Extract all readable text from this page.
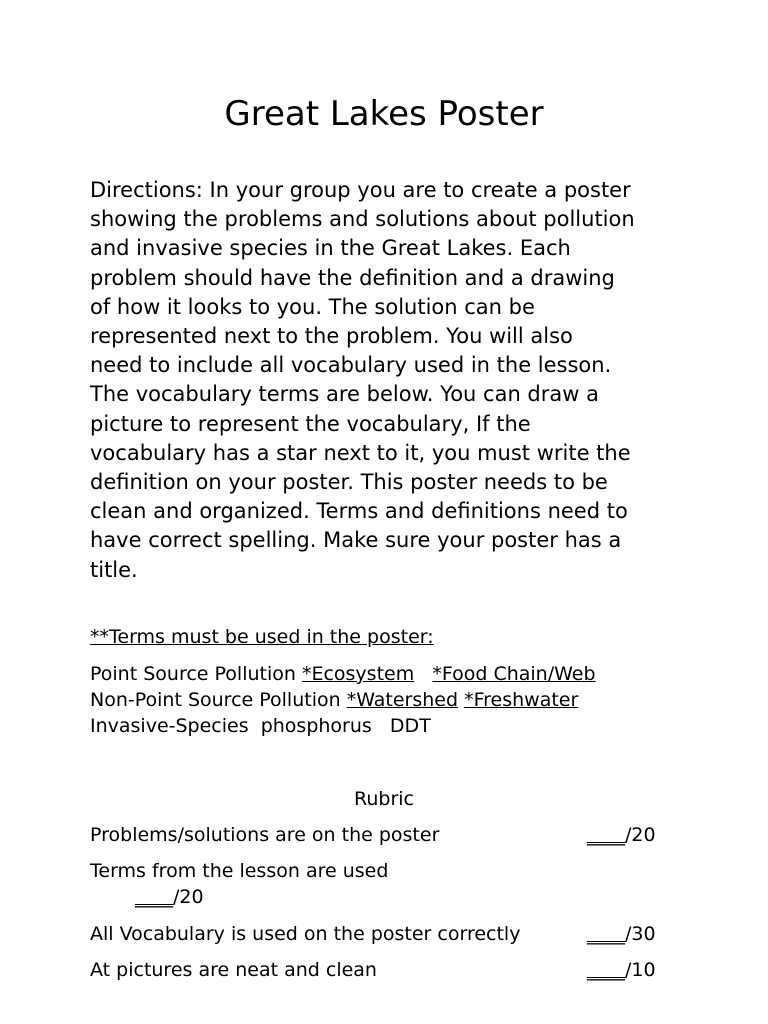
Great Lakes Poster

Directions: In your group you are to create a poster
showing the problems and solutions about pollution
and invasive species in the Great Lakes. Each
problem should have the definition and a drawing
of how it looks to you. The solution can be
represented next to the problem. You will also
need to include all vocabulary used in the lesson.
The vocabulary terms are below. You can draw a
picture to represent the vocabulary, If the
vocabulary has a star next to it, you must write the
definition on your poster. This poster needs to be
clean and organized. Terms and definitions need to
have correct spelling. Make sure your poster has a
title.

**Terms must be used in the poster:

Point Source Pollution *Ecosystem *Food Chain/Web
Non-Point Source Pollution *Watershed *Freshwater
Invasive-Species  phosphorus   DDT

Rubric

Problems/solutions are on the poster	____/20
Terms from the lesson are used
____/20
All Vocabulary is used on the poster correctly	____/30
At pictures are neat and clean	____/10
